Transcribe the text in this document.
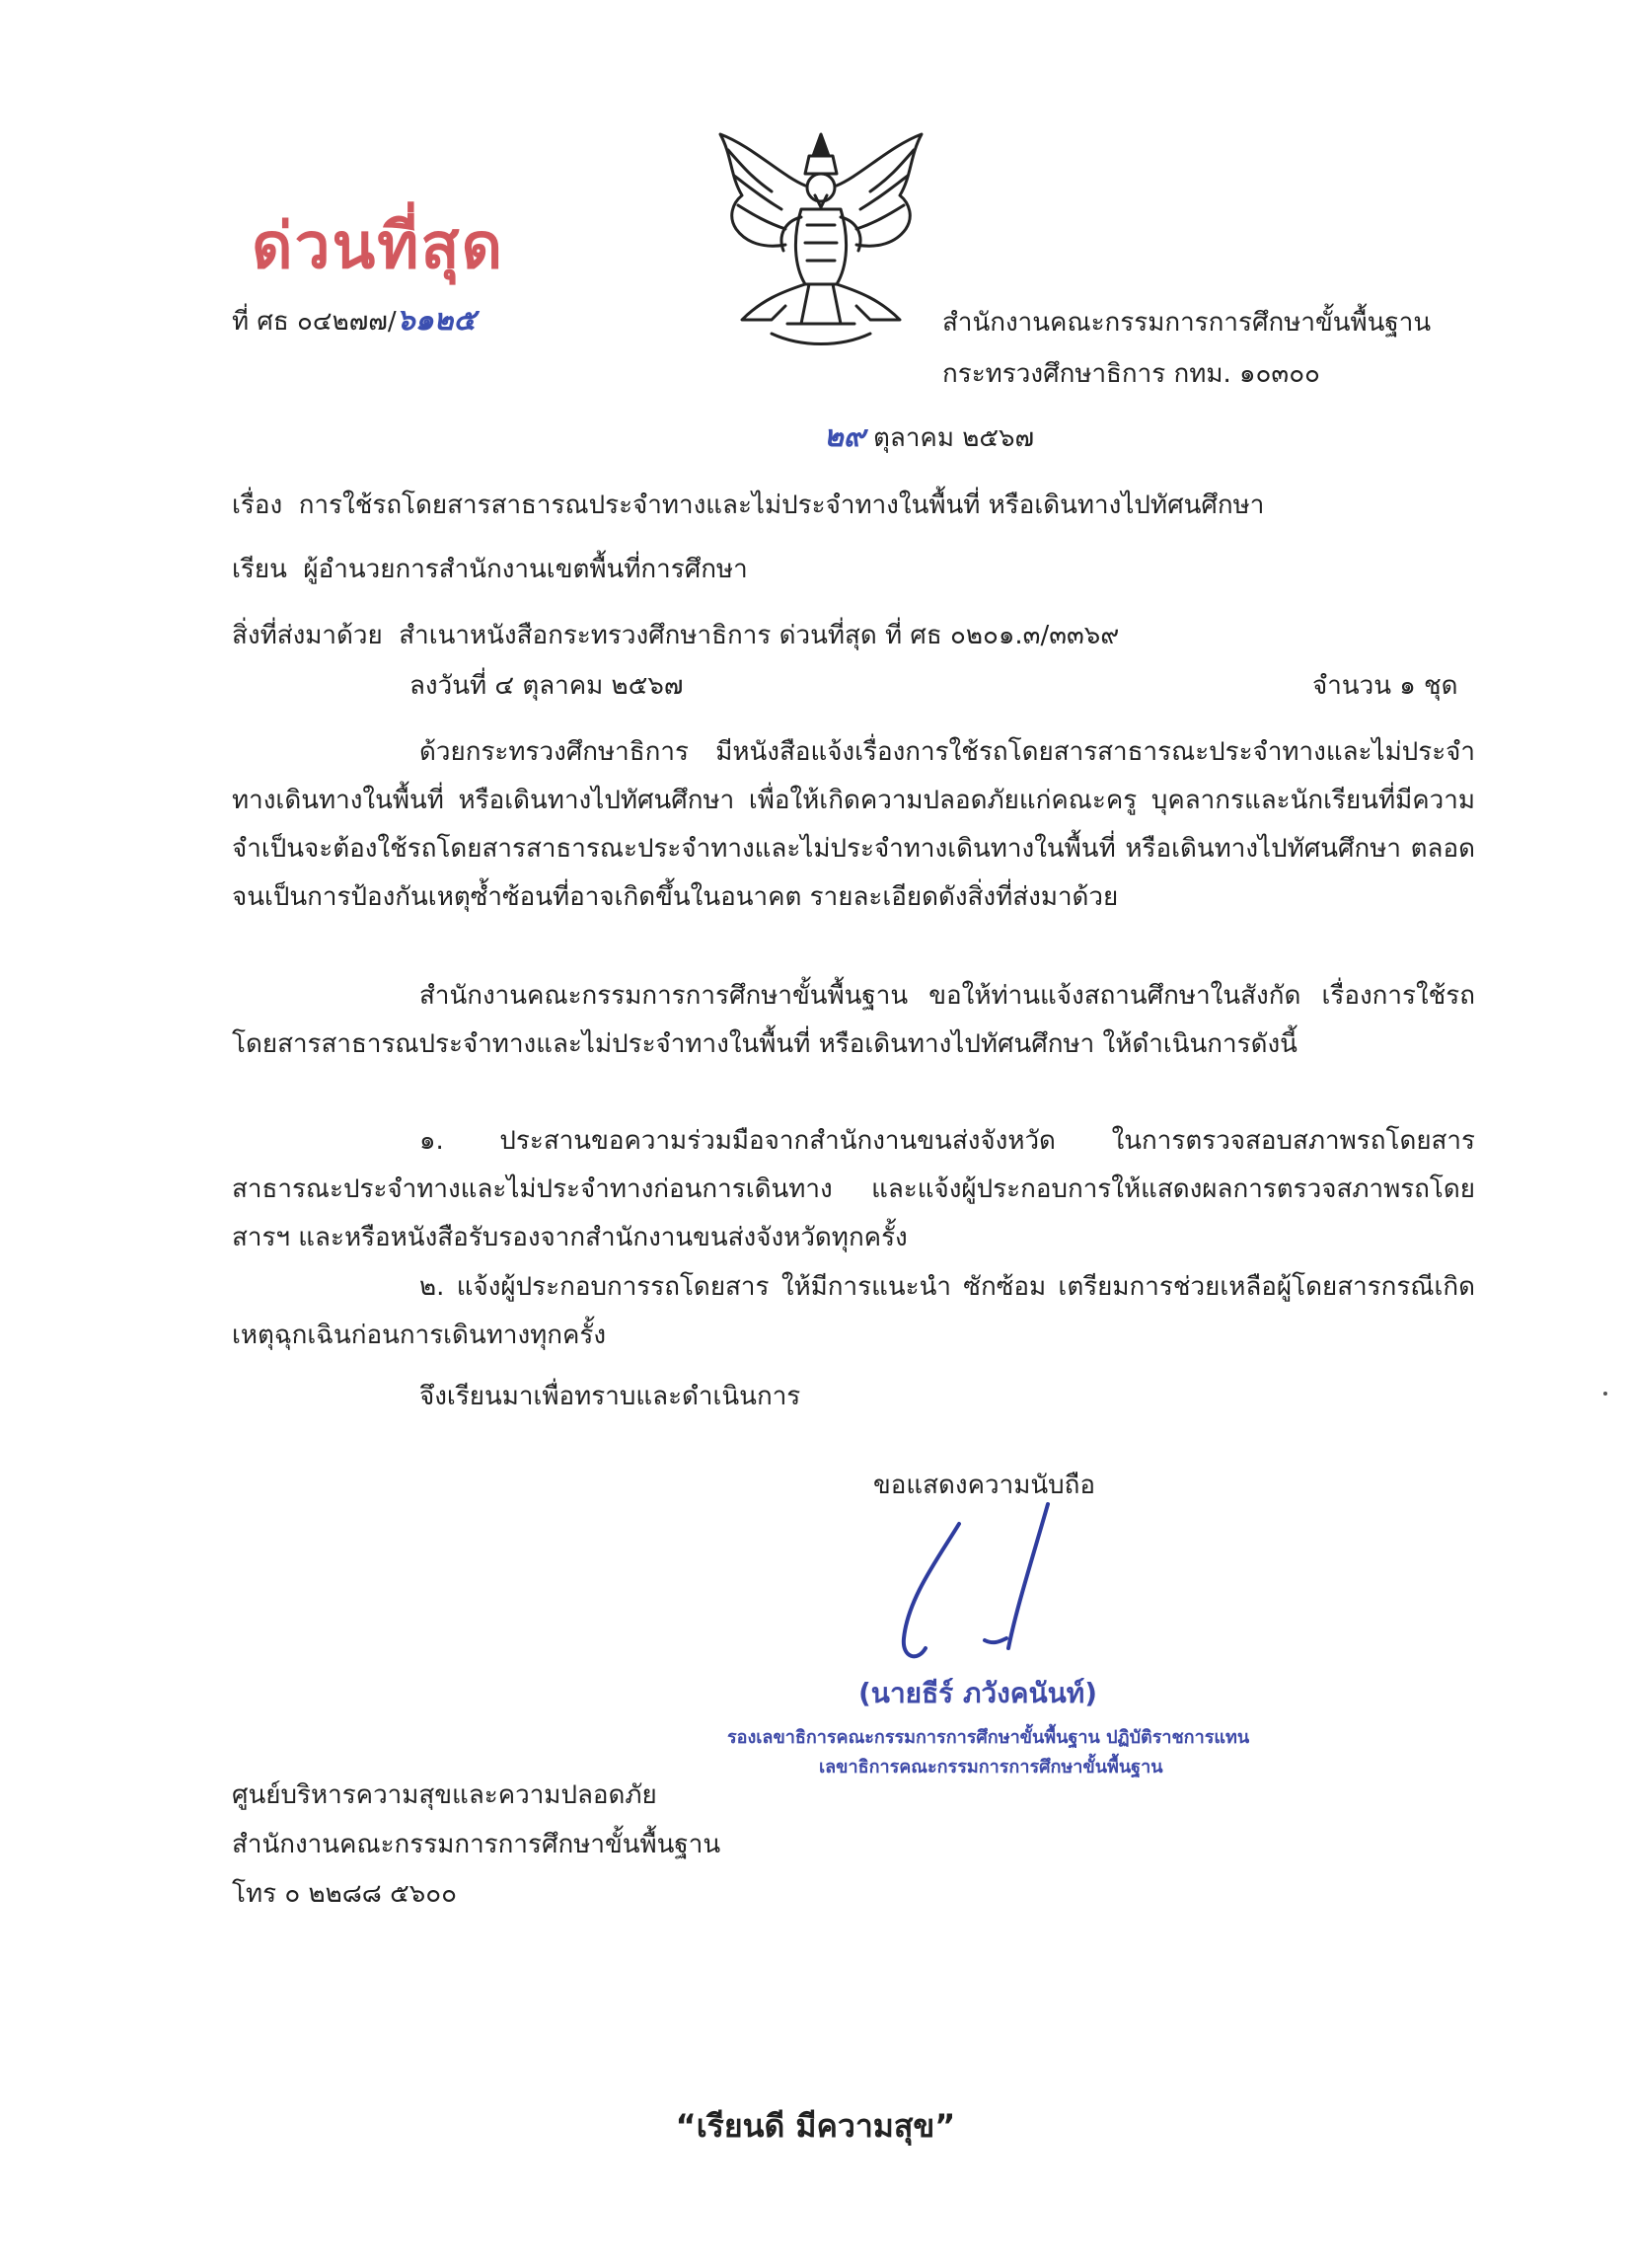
ด่วนที่สุด
ที่ ศธ ๐๔๒๗๗/๖๑๒๕	สำนักงานคณะกรรมการการศึกษาขั้นพื้นฐาน
กระทรวงศึกษาธิการ กทม. ๑๐๓๐๐
๒๙ ตุลาคม ๒๕๖๗
เรื่อง การใช้รถโดยสารสาธารณประจำทางและไม่ประจำทางในพื้นที่ หรือเดินทางไปทัศนศึกษา
เรียน ผู้อำนวยการสำนักงานเขตพื้นที่การศึกษา
สิ่งที่ส่งมาด้วย สำเนาหนังสือกระทรวงศึกษาธิการ ด่วนที่สุด ที่ ศธ ๐๒๐๑.๓/๓๓๖๙
ลงวันที่ ๔ ตุลาคม ๒๕๖๗	จำนวน ๑ ชุด
ด้วยกระทรวงศึกษาธิการ มีหนังสือแจ้งเรื่องการใช้รถโดยสารสาธารณะประจำทางและไม่ประจำทางเดินทางในพื้นที่ หรือเดินทางไปทัศนศึกษา เพื่อให้เกิดความปลอดภัยแก่คณะครู บุคลากรและนักเรียนที่มีความจำเป็นจะต้องใช้รถโดยสารสาธารณะประจำทางและไม่ประจำทางเดินทางในพื้นที่ หรือเดินทางไปทัศนศึกษา ตลอดจนเป็นการป้องกันเหตุซ้ำซ้อนที่อาจเกิดขึ้นในอนาคต รายละเอียดดังสิ่งที่ส่งมาด้วย
สำนักงานคณะกรรมการการศึกษาขั้นพื้นฐาน ขอให้ท่านแจ้งสถานศึกษาในสังกัด เรื่องการใช้รถโดยสารสาธารณประจำทางและไม่ประจำทางในพื้นที่ หรือเดินทางไปทัศนศึกษา ให้ดำเนินการดังนี้
๑. ประสานขอความร่วมมือจากสำนักงานขนส่งจังหวัด ในการตรวจสอบสภาพรถโดยสารสาธารณะประจำทางและไม่ประจำทางก่อนการเดินทาง และแจ้งผู้ประกอบการให้แสดงผลการตรวจสภาพรถโดยสารฯ และหรือหนังสือรับรองจากสำนักงานขนส่งจังหวัดทุกครั้ง
๒. แจ้งผู้ประกอบการรถโดยสาร ให้มีการแนะนำ ซักซ้อม เตรียมการช่วยเหลือผู้โดยสารกรณีเกิดเหตุฉุกเฉินก่อนการเดินทางทุกครั้ง
จึงเรียนมาเพื่อทราบและดำเนินการ
ขอแสดงความนับถือ
(นายธีร์ ภวังคนันท์)
รองเลขาธิการคณะกรรมการการศึกษาขั้นพื้นฐาน ปฏิบัติราชการแทน
เลขาธิการคณะกรรมการการศึกษาขั้นพื้นฐาน
ศูนย์บริหารความสุขและความปลอดภัย
สำนักงานคณะกรรมการการศึกษาขั้นพื้นฐาน
โทร ๐ ๒๒๘๘ ๕๖๐๐
“เรียนดี มีความสุข”
